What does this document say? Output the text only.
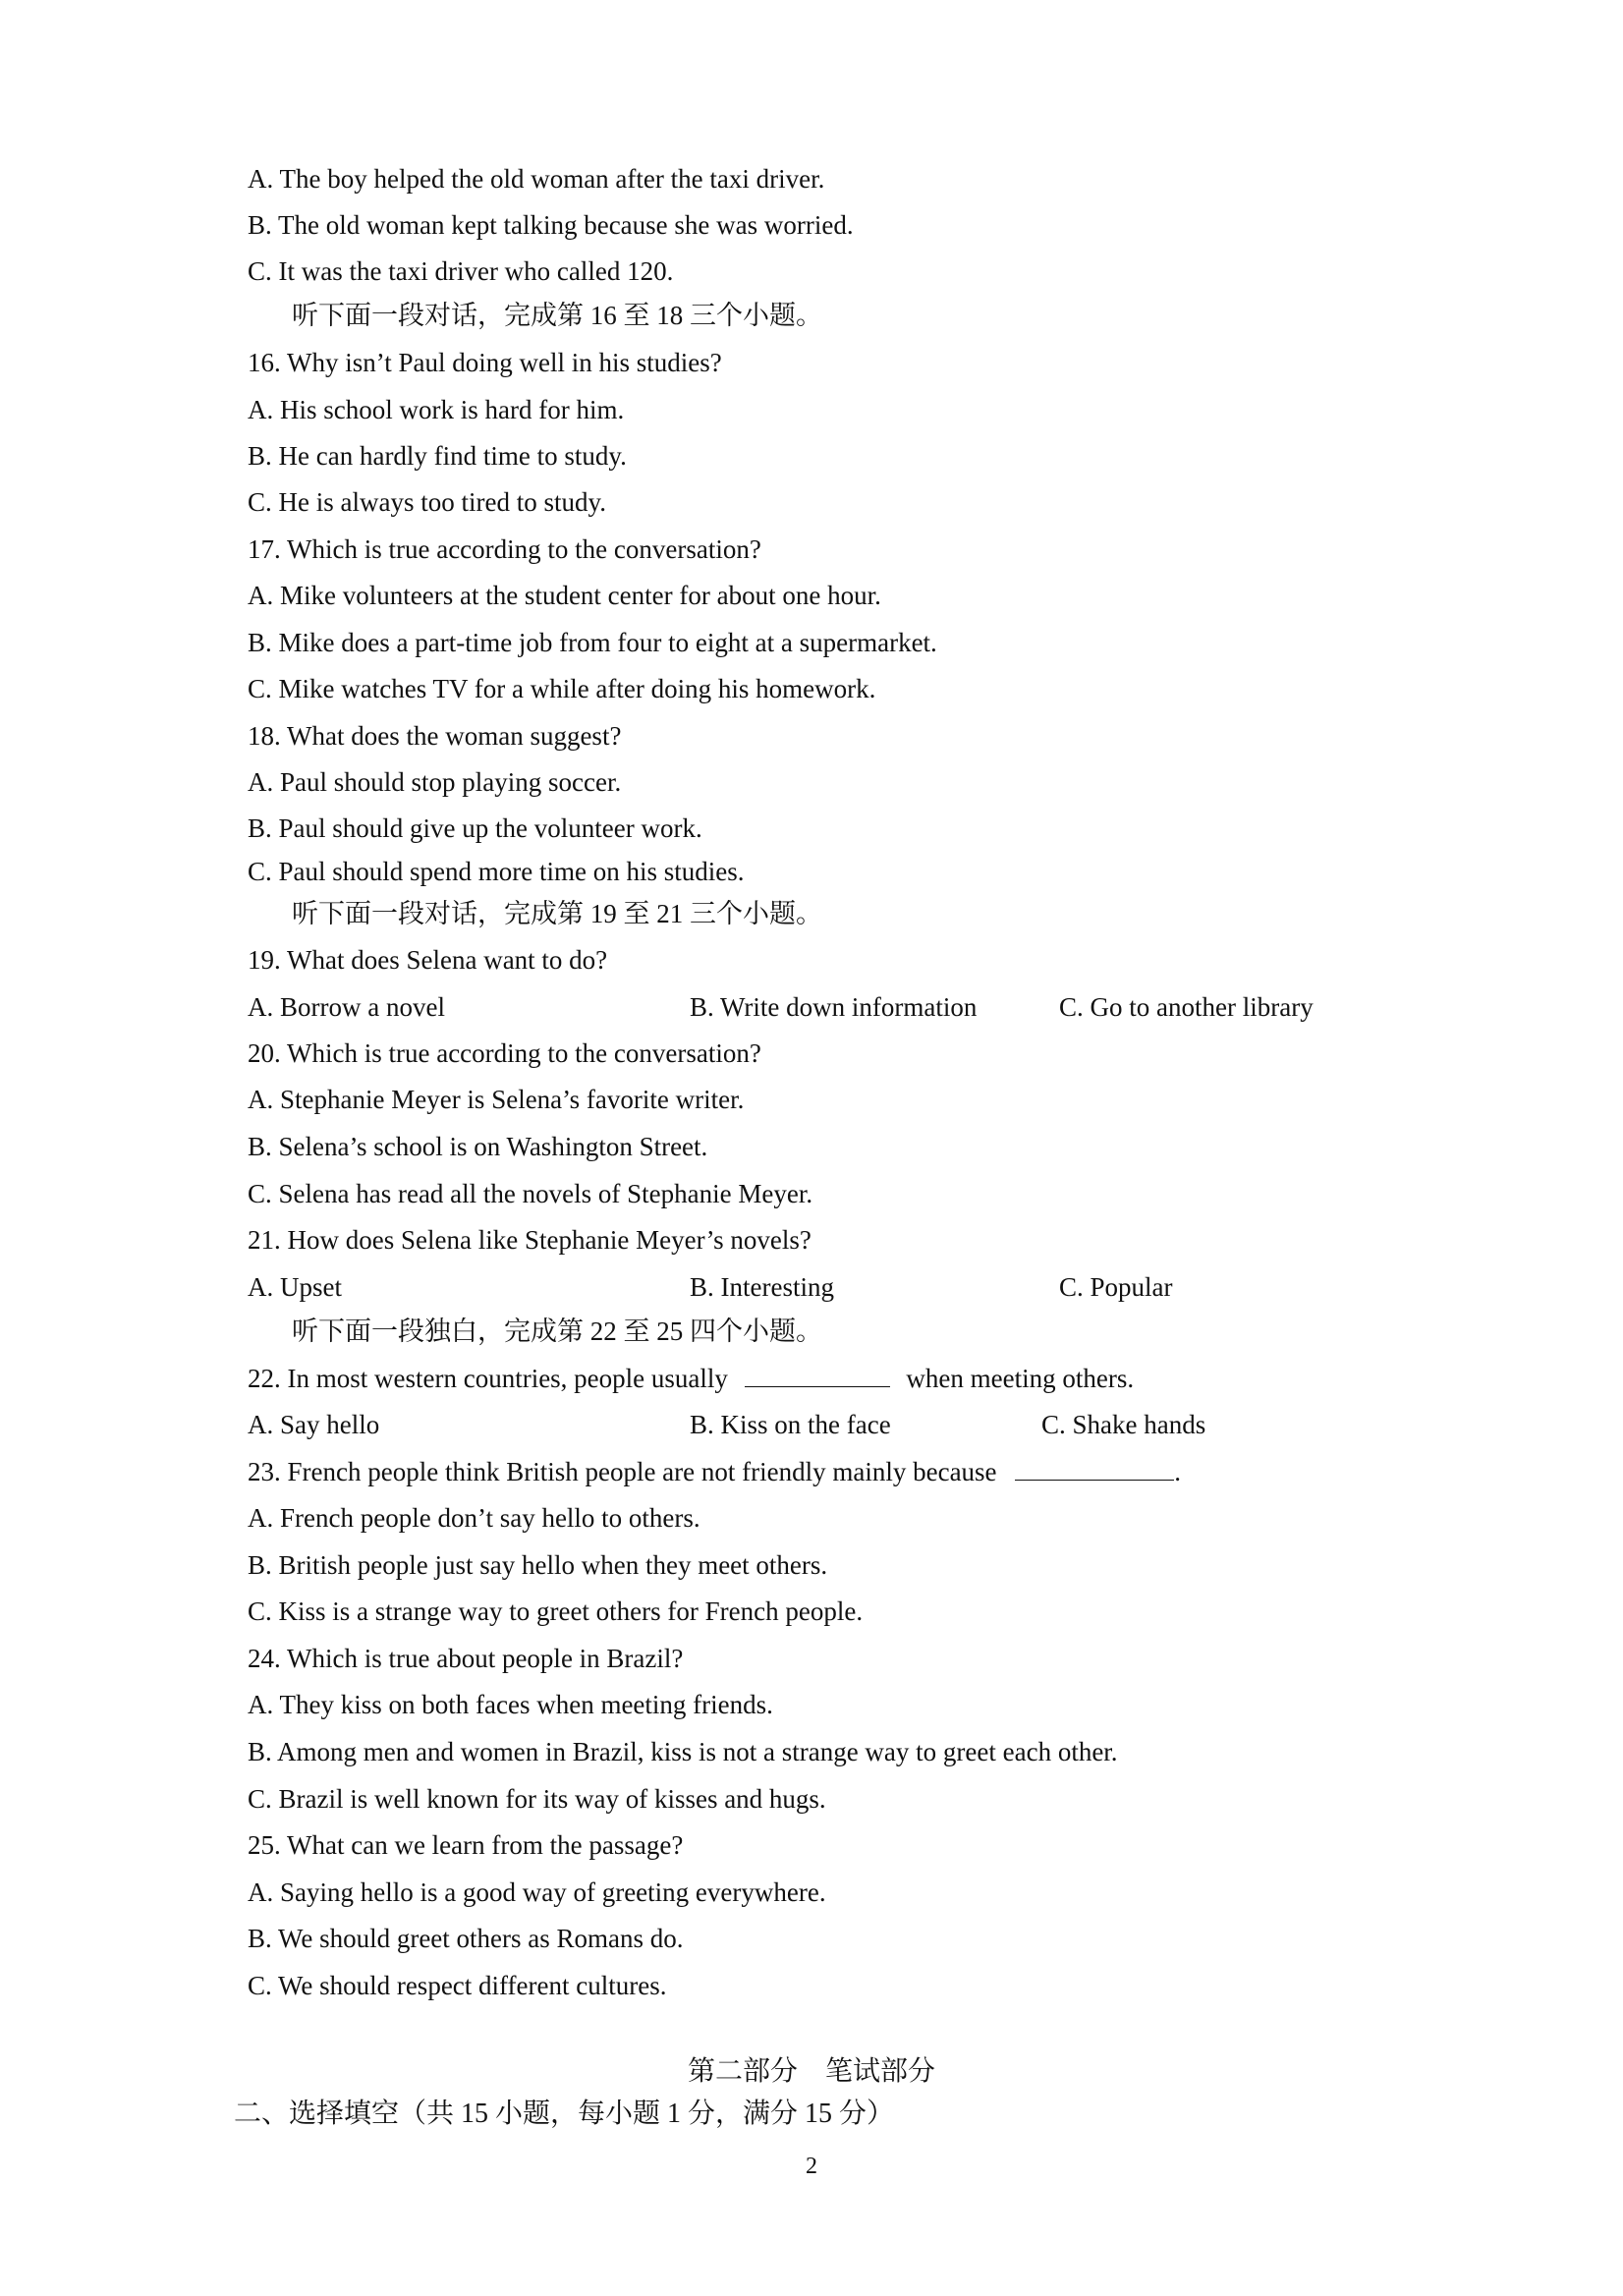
A. The boy helped the old woman after the taxi driver.
B. The old woman kept talking because she was worried.
C. It was the taxi driver who called 120.
听下面一段对话，完成第 16 至 18 三个小题。
16. Why isn’t Paul doing well in his studies?
A. His school work is hard for him.
B. He can hardly find time to study.
C. He is always too tired to study.
17. Which is true according to the conversation?
A. Mike volunteers at the student center for about one hour.
B. Mike does a part-time job from four to eight at a supermarket.
C. Mike watches TV for a while after doing his homework.
18. What does the woman suggest?
A. Paul should stop playing soccer.
B. Paul should give up the volunteer work.
C. Paul should spend more time on his studies.
听下面一段对话，完成第 19 至 21 三个小题。
19. What does Selena want to do?
A. Borrow a novel	B. Write down information	C. Go to another library
20. Which is true according to the conversation?
A. Stephanie Meyer is Selena’s favorite writer.
B. Selena’s school is on Washington Street.
C. Selena has read all the novels of Stephanie Meyer.
21. How does Selena like Stephanie Meyer’s novels?
A. Upset	B. Interesting	C. Popular
听下面一段独白，完成第 22 至 25 四个小题。
22. In most western countries, people usually	when meeting others.
A. Say hello	B. Kiss on the face	C. Shake hands
23. French people think British people are not friendly mainly because	.
A. French people don’t say hello to others.
B. British people just say hello when they meet others.
C. Kiss is a strange way to greet others for French people.
24. Which is true about people in Brazil?
A. They kiss on both faces when meeting friends.
B. Among men and women in Brazil, kiss is not a strange way to greet each other.
C. Brazil is well known for its way of kisses and hugs.
25. What can we learn from the passage?
A. Saying hello is a good way of greeting everywhere.
B. We should greet others as Romans do.
C. We should respect different cultures.
第二部分　笔试部分
二、选择填空（共 15 小题，每小题 1 分，满分 15 分）
2
